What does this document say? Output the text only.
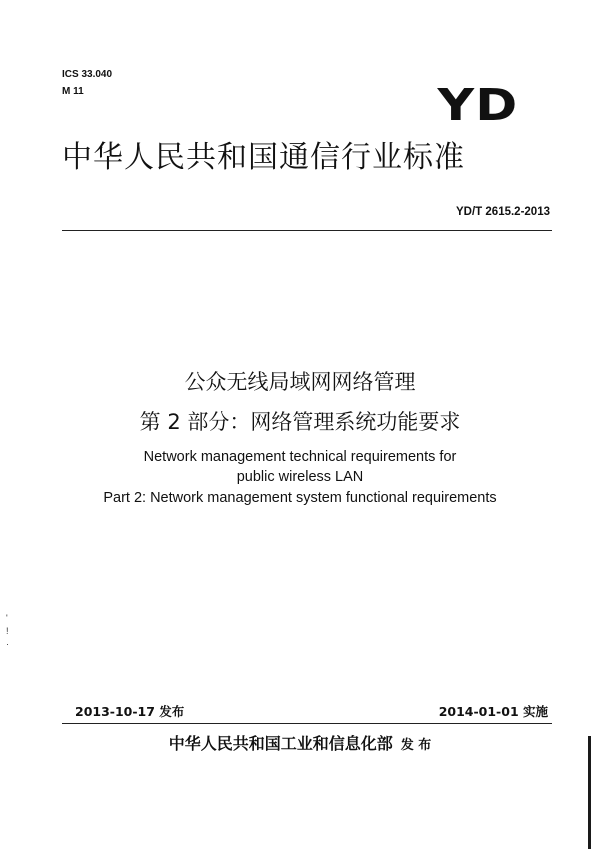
ICS 33.040
M 11	YD
中华人民共和国通信行业标准
YD/T 2615.2-2013
公众无线局域网网络管理
第 2 部分：网络管理系统功能要求
Network management technical requirements for
public wireless LAN
Part 2: Network management system functional requirements
' ! ·
2013-10-17 发布	2014-01-01 实施
中华人民共和国工业和信息化部 发 布
